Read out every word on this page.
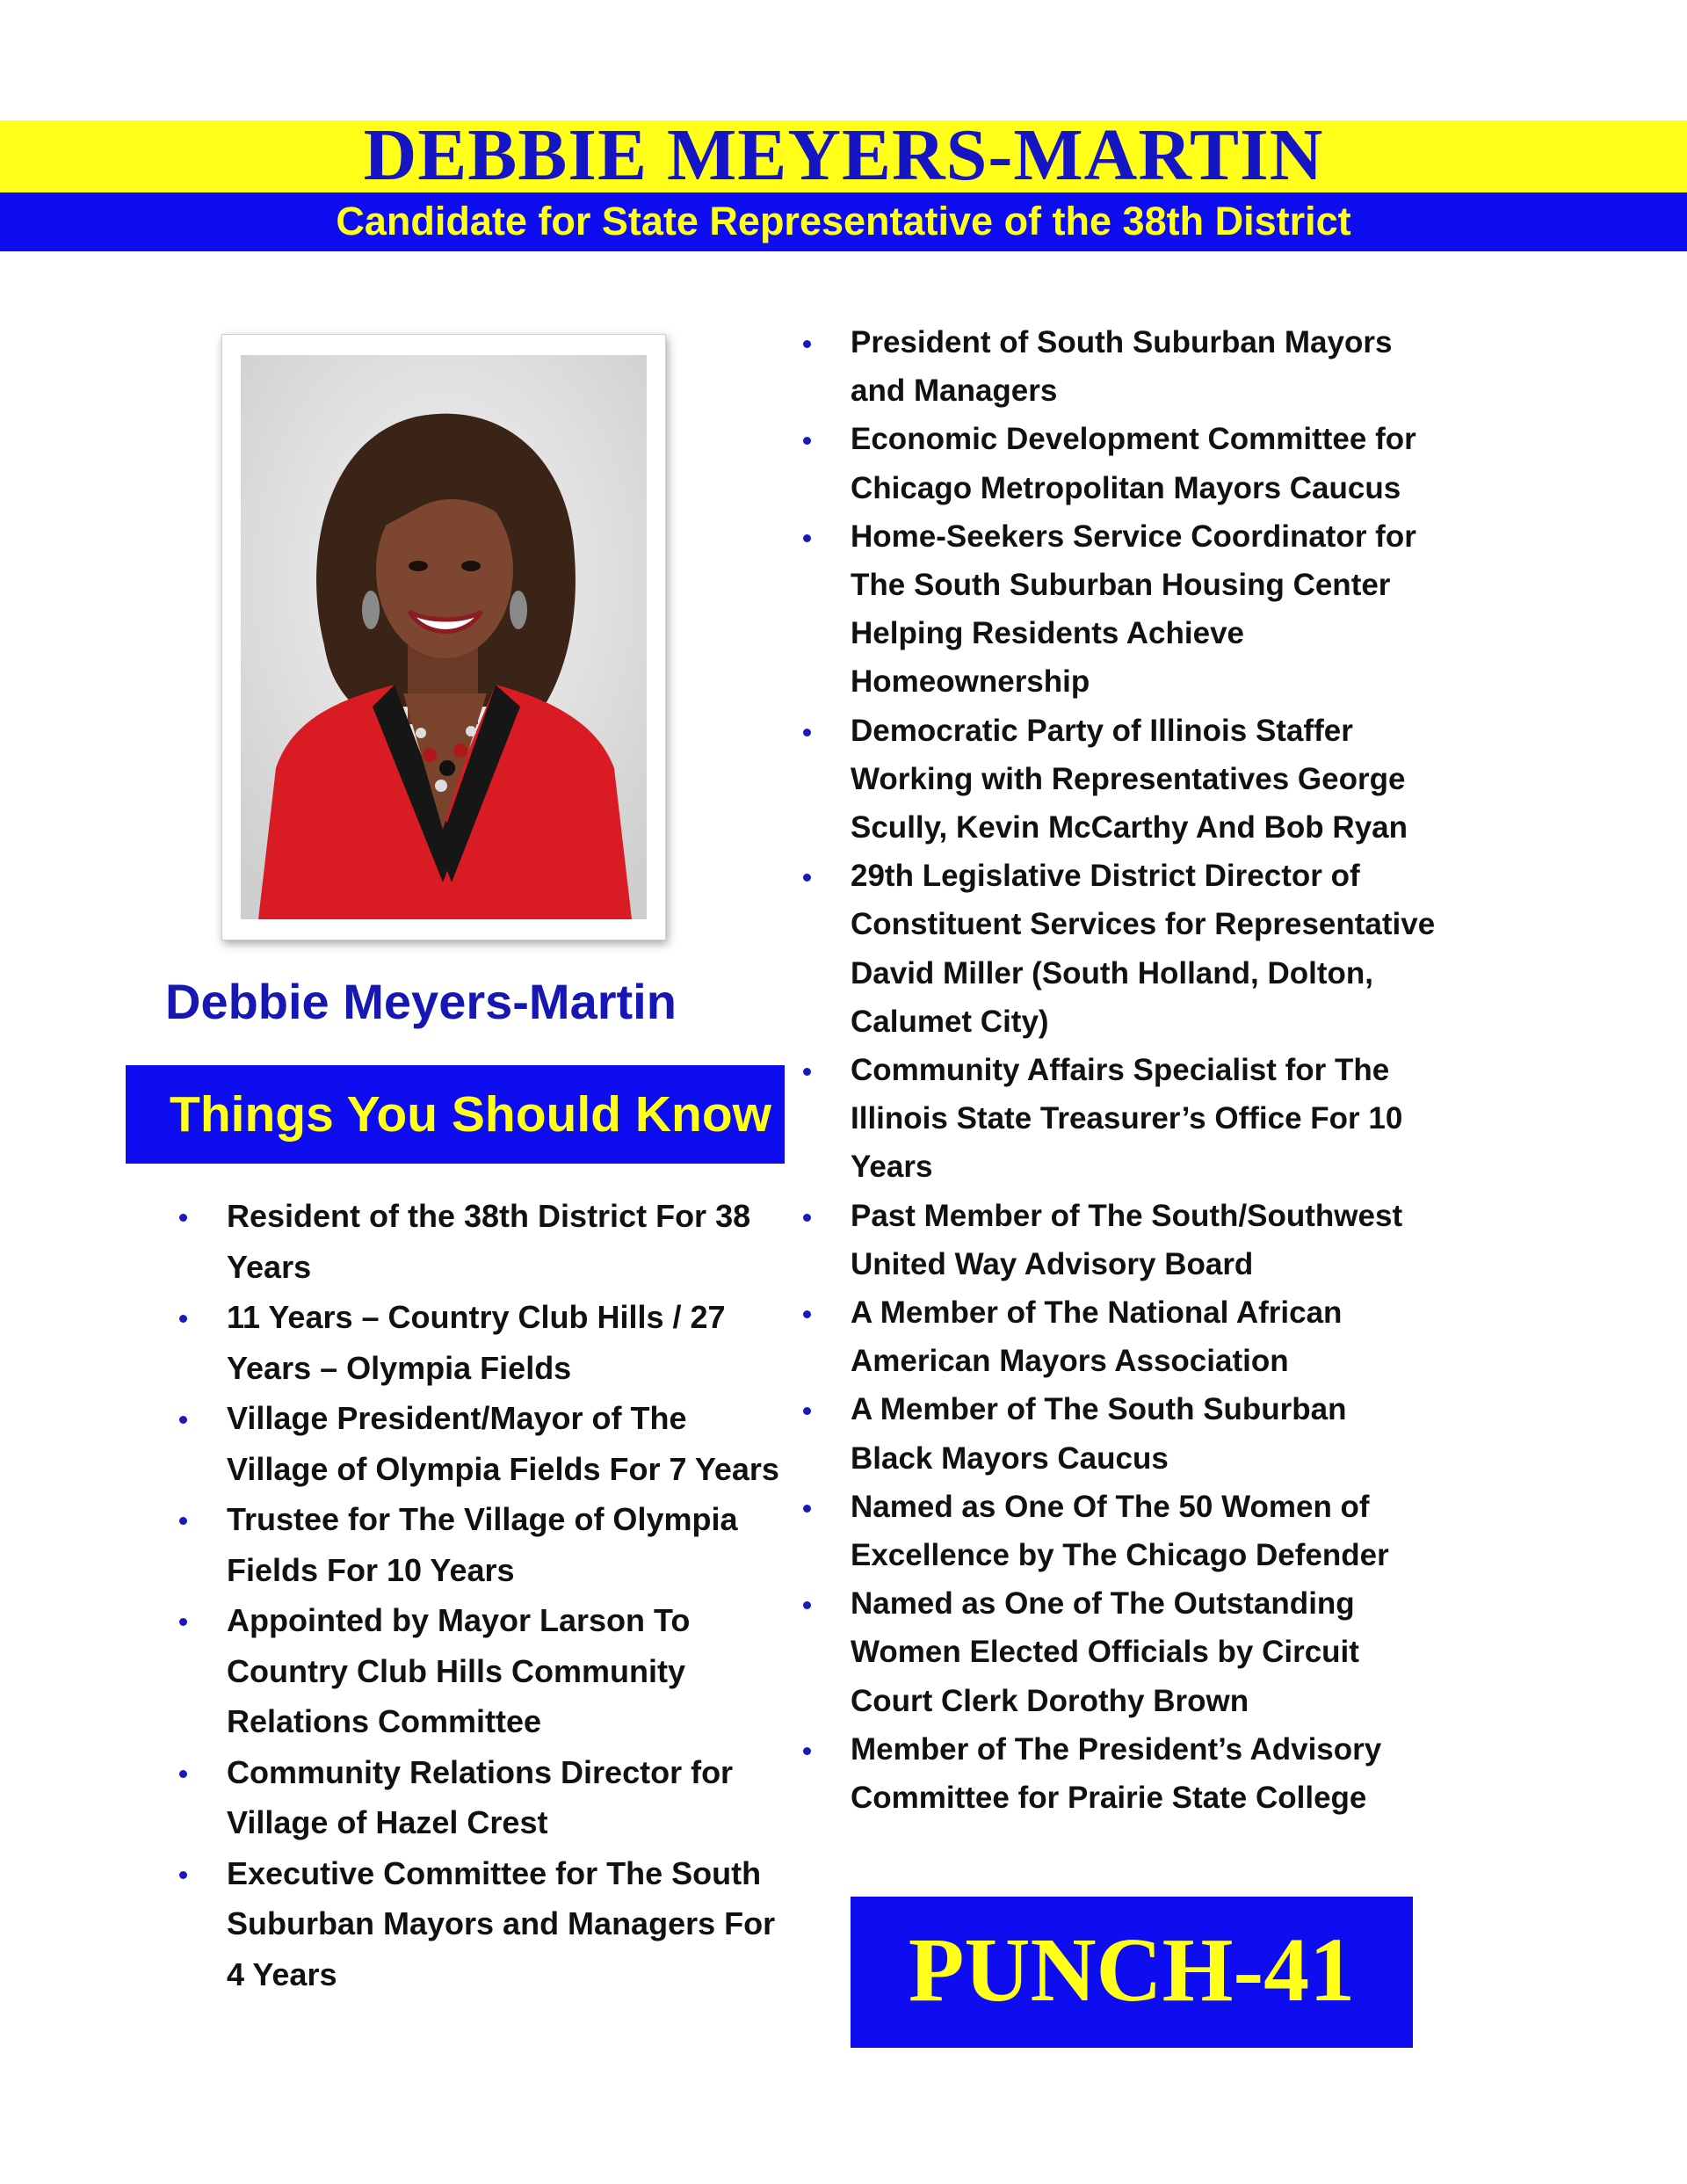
DEBBIE MEYERS-MARTIN
Candidate for State Representative of the 38th District
Debbie Meyers-Martin
Things You Should Know
Resident of the 38th District For 38 Years
11 Years – Country Club Hills / 27 Years – Olympia Fields
Village President/Mayor of The Village of Olympia Fields For 7 Years
Trustee for The Village of Olympia Fields For 10 Years
Appointed by Mayor Larson To Country Club Hills Community Relations Committee
Community Relations Director for Village of Hazel Crest
Executive Committee for The South Suburban Mayors and Managers For 4 Years
President of South Suburban Mayors and Managers
Economic Development Committee for Chicago Metropolitan Mayors Caucus
Home-Seekers Service Coordinator for The South Suburban Housing Center Helping Residents Achieve Homeownership
Democratic Party of Illinois Staffer Working with Representatives George Scully, Kevin McCarthy And Bob Ryan
29th Legislative District Director of Constituent Services for Representative David Miller (South Holland, Dolton, Calumet City)
Community Affairs Specialist for The Illinois State Treasurer’s Office For 10 Years
Past Member of The South/Southwest United Way Advisory Board
A Member of The National African American Mayors Association
A Member of The South Suburban Black Mayors Caucus
Named as One Of The 50 Women of Excellence by The Chicago Defender
Named as One of The Outstanding Women Elected Officials by Circuit Court Clerk Dorothy Brown
Member of The President’s Advisory Committee for Prairie State College
PUNCH-41
